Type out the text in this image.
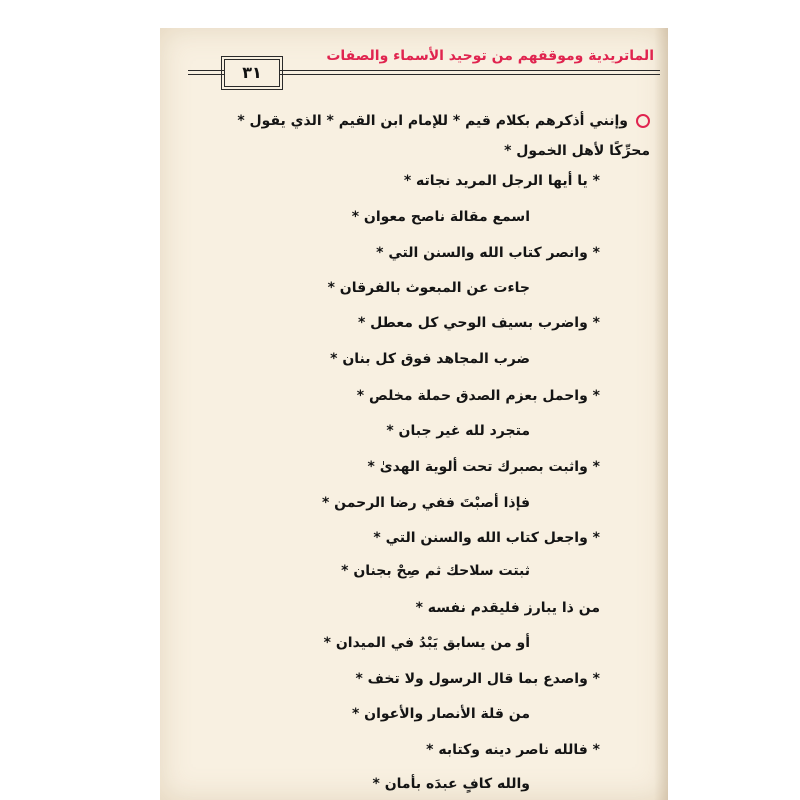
الماتريدية وموقفهم من توحيد الأسماء والصفات
٣١
وإنني أذكرهم بكلام قيم * للإمام ابن القيم * الذي يقول * محرِّكًا لأهل الخمول *
* يا أيها الرجل المريد نجاته *
اسمع مقالة ناصح معوان *
* وانصر كتاب الله والسنن التي *
جاءت عن المبعوث بالفرقان *
* واضرب بسيف الوحي كل معطل *
ضرب المجاهد فوق كل بنان *
* واحمل بعزم الصدق حملة مخلص *
متجرد لله غير جبان *
* واثبت بصبرك تحت ألوية الهدىٰ *
فإذا أصبْتَ ففي رضا الرحمن *
* واجعل كتاب الله والسنن التي *
ثبتت سلاحك ثم صِحْ بجنان *
من ذا يبارز فليقدم نفسه *
أو من يسابق يَبْدُ في الميدان *
* واصدع بما قال الرسول ولا تخف *
من قلة الأنصار والأعوان *
* فالله ناصر دينه وكتابه *
والله كافٍ عبدَه بأمان *
